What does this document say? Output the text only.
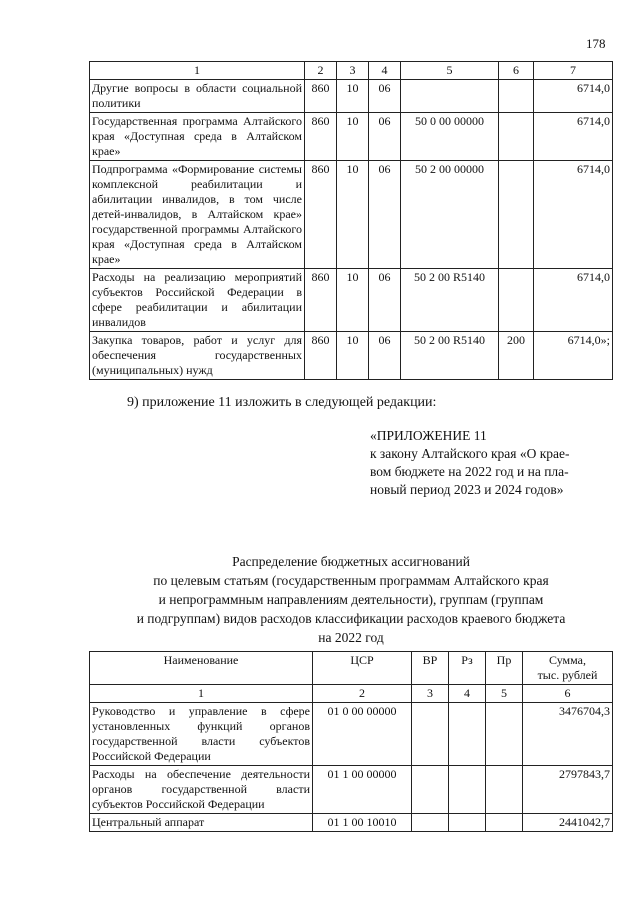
178
1	2	3	4	5	6	7
Другие вопросы в области социальной политики	860	10	06			6714,0
Государственная программа Алтайского края «Доступная среда в Алтайском крае»	860	10	06	50 0 00 00000		6714,0
Подпрограмма «Формирование системы комплексной реабилитации и абилитации инвалидов, в том числе детей-инвалидов, в Алтайском крае» государственной программы Алтайского края «Доступная среда в Алтайском крае»	860	10	06	50 2 00 00000		6714,0
Расходы на реализацию мероприятий субъектов Российской Федерации в сфере реабилитации и абилитации инвалидов	860	10	06	50 2 00 R5140		6714,0
Закупка товаров, работ и услуг для обеспечения государственных (муниципальных) нужд	860	10	06	50 2 00 R5140	200	6714,0»;
9) приложение 11 изложить в следующей редакции:
«ПРИЛОЖЕНИЕ 11
к закону Алтайского края «О крае-
вом бюджете на 2022 год и на пла-
новый период 2023 и 2024 годов»
Распределение бюджетных ассигнований
по целевым статьям (государственным программам Алтайского края
и непрограммным направлениям деятельности), группам (группам
и подгруппам) видов расходов классификации расходов краевого бюджета
на 2022 год
Наименование	ЦСР	ВР	Рз	Пр	Сумма,
тыс. рублей

1	2	3	4	5	6
Руководство и управление в сфере установленных функций органов государственной власти субъектов Российской Федерации	01 0 00 00000				3476704,3
Расходы на обеспечение деятельности органов государственной власти субъектов Российской Федерации	01 1 00 00000				2797843,7
Центральный аппарат	01 1 00 10010				2441042,7
